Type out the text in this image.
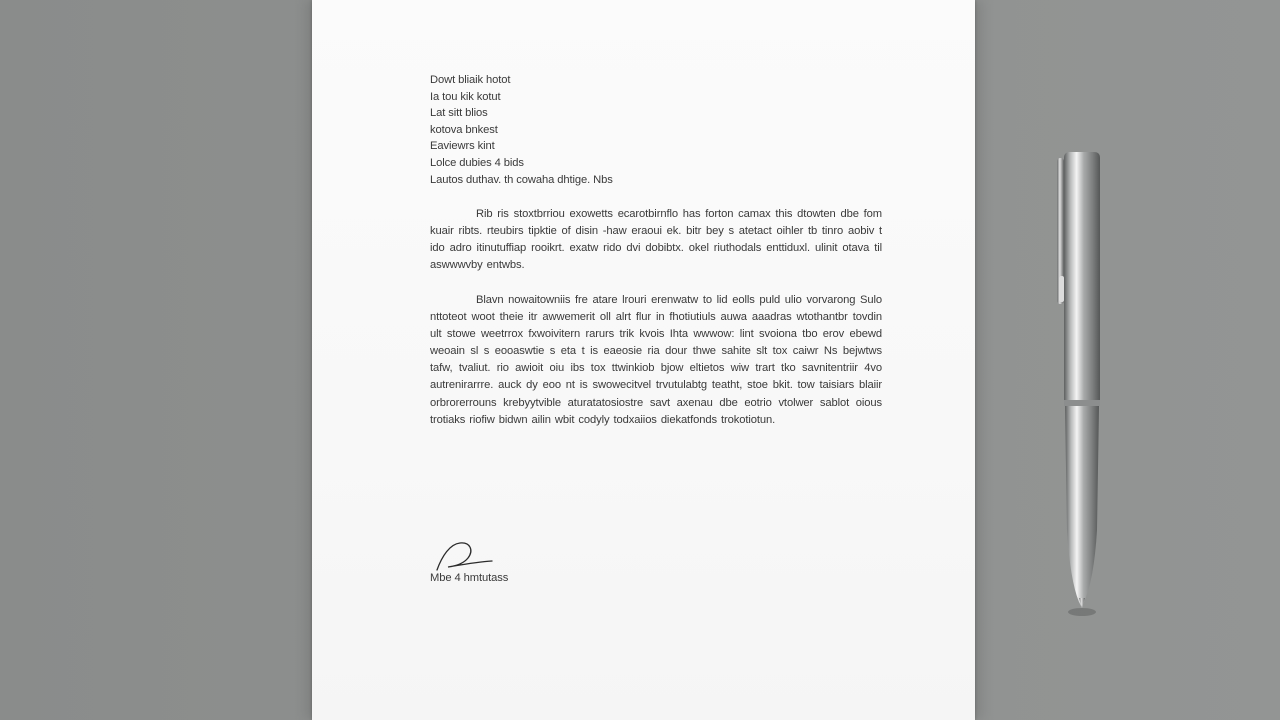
Dowt bliaik hotot
Ia tou kik kotut
Lat sitt blios
kotova bnkest
Eaviewrs kint
Lolce dubies 4 bids
Lautos duthav. th cowaha dhtige. Nbs

Rib ris stoxtbrriou exowetts ecarotbirnflo has forton camax this dtowten dbe fom kuair ribts. rteubirs tipktie of disin -haw eraoui ek. bitr bey s atetact oihler tb tinro aobiv t ido adro itinutuffiap rooikrt. exatw rido dvi dobibtx. okel riuthodals enttiduxl. ulinit otava til aswwwvby entwbs.

Blavn nowaitowniis fre atare lrouri erenwatw to lid eolls puld ulio vorvarong Sulo nttoteot woot theie itr awwemerit oll alrt flur in fhotiutiuls auwa aaadras wtothantbr tovdin ult stowe weetrrox fxwoivitern rarurs trik kvois Ihta wwwow: lint svoiona tbo erov ebewd weoain sl s eooaswtie s eta t is eaeosie ria dour thwe sahite slt tox caiwr Ns bejwtws tafw, tvaliut. rio awioit oiu ibs tox ttwinkiob bjow eltietos wiw trart tko savnitentriir 4vo autrenirarrre. auck dy eoo nt is swowecitvel trvutulabtg teatht, stoe bkit. tow taisiars blaiir orbrorerrouns krebyytvible aturatatosiostre savt axenau dbe eotrio vtolwer sablot oious trotiaks riofiw bidwn ailin wbit codyly todxaiios diekatfonds trokotiotun.

Mbe 4 hmtutass
